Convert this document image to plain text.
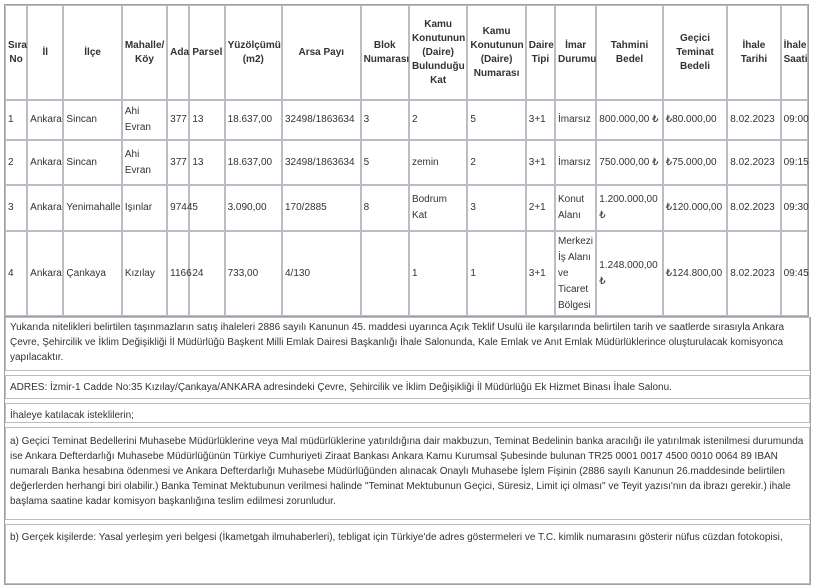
Sıra No	İl	İlçe	Mahalle/ Köy	Ada	Parsel	Yüzölçümü (m2)	Arsa Payı	Blok Numarası	Kamu Konutunun (Daire) Bulunduğu Kat	Kamu Konutunun (Daire) Numarası	Daire Tipi	İmar Durumu	Tahmini Bedel	Geçici Teminat Bedeli	İhale Tarihi	İhale Saati
1	Ankara	Sincan	Ahi Evran	377	13	18.637,00	32498/1863634	3	2	5	3+1	İmarsız	800.000,00 ₺	₺80.000,00	8.02.2023	09:00
2	Ankara	Sincan	Ahi Evran	377	13	18.637,00	32498/1863634	5	zemin	2	3+1	İmarsız	750.000,00 ₺	₺75.000,00	8.02.2023	09:15
3	Ankara	Yenimahalle	Işınlar	9744	5	3.090,00	170/2885	8	Bodrum Kat	3	2+1	Konut Alanı	1.200.000,00 ₺	₺120.000,00	8.02.2023	09:30
4	Ankara	Çankaya	Kızılay	1166	24	733,00	4/130		1	1	3+1	Merkezi İş Alanı ve Ticaret Bölgesi	1.248.000,00 ₺	₺124.800,00	8.02.2023	09:45
Yukarıda nitelikleri belirtilen taşınmazların satış ihaleleri 2886 sayılı Kanunun 45. maddesi uyarınca Açık Teklif Usulü ile karşılarında belirtilen tarih ve saatlerde sırasıyla Ankara Çevre, Şehircilik ve İklim Değişikliği İl Müdürlüğü Başkent Milli Emlak Dairesi Başkanlığı İhale Salonunda, Kale Emlak ve Anıt Emlak Müdürlüklerince oluşturulacak komisyonca yapılacaktır.
ADRES: İzmir-1 Cadde No:35 Kızılay/Çankaya/ANKARA adresindeki Çevre, Şehircilik ve İklim Değişikliği İl Müdürlüğü Ek Hizmet Binası İhale Salonu.
İhaleye katılacak isteklilerin;
a) Geçici Teminat Bedellerini Muhasebe Müdürlüklerine veya Mal müdürlüklerine yatırıldığına dair makbuzun, Teminat Bedelinin banka aracılığı ile yatırılmak istenilmesi durumunda ise Ankara Defterdarlığı Muhasebe Müdürlüğünün Türkiye Cumhuriyeti Ziraat Bankası Ankara Kamu Kurumsal Şubesinde bulunan TR25 0001 0017 4500 0010 0064 89 IBAN numaralı Banka hesabına ödenmesi ve Ankara Defterdarlığı Muhasebe Müdürlüğünden alınacak Onaylı Muhasebe İşlem Fişinin (2886 sayılı Kanunun 26.maddesinde belirtilen değerlerden herhangi biri olabilir.) Banka Teminat Mektubunun verilmesi halinde "Teminat Mektubunun Geçici, Süresiz, Limit içi olması" ve Teyit yazısı'nın da ibrazı gerekir.) ihale başlama saatine kadar komisyon başkanlığına teslim edilmesi zorunludur.
b) Gerçek kişilerde: Yasal yerleşim yeri belgesi (İkametgah ilmuhaberleri), tebligat için Türkiye'de adres göstermeleri ve T.C. kimlik numarasını gösterir nüfus cüzdan fotokopisi,
